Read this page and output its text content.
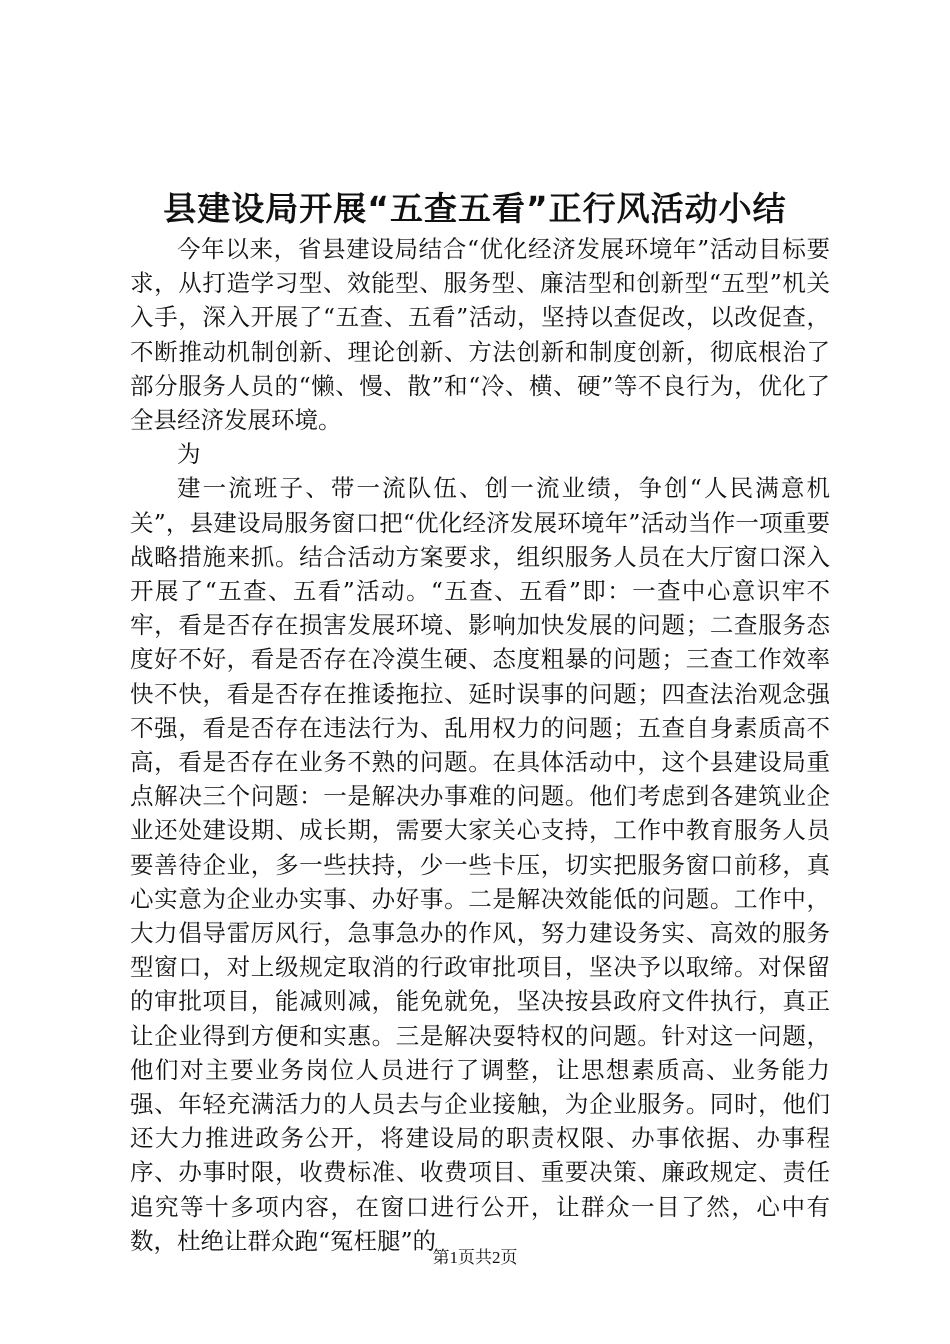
县建设局开展“五查五看”正行风活动小结

今年以来，省县建设局结合“优化经济发展环境年”活动目标要求，从打造学习型、效能型、服务型、廉洁型和创新型“五型”机关入手，深入开展了“五查、五看”活动，坚持以查促改，以改促查，不断推动机制创新、理论创新、方法创新和制度创新，彻底根治了部分服务人员的“懒、慢、散”和“冷、横、硬”等不良行为，优化了全县经济发展环境。

为

建一流班子、带一流队伍、创一流业绩，争创“人民满意机关”，县建设局服务窗口把“优化经济发展环境年”活动当作一项重要战略措施来抓。结合活动方案要求，组织服务人员在大厅窗口深入开展了“五查、五看”活动。“五查、五看”即：一查中心意识牢不牢，看是否存在损害发展环境、影响加快发展的问题；二查服务态度好不好，看是否存在冷漠生硬、态度粗暴的问题；三查工作效率快不快，看是否存在推诿拖拉、延时误事的问题；四查法治观念强不强，看是否存在违法行为、乱用权力的问题；五查自身素质高不高，看是否存在业务不熟的问题。在具体活动中，这个县建设局重点解决三个问题：一是解决办事难的问题。他们考虑到各建筑业企业还处建设期、成长期，需要大家关心支持，工作中教育服务人员要善待企业，多一些扶持，少一些卡压，切实把服务窗口前移，真心实意为企业办实事、办好事。二是解决效能低的问题。工作中，大力倡导雷厉风行，急事急办的作风，努力建设务实、高效的服务型窗口，对上级规定取消的行政审批项目，坚决予以取缔。对保留的审批项目，能减则减，能免就免，坚决按县政府文件执行，真正让企业得到方便和实惠。三是解决耍特权的问题。针对这一问题，他们对主要业务岗位人员进行了调整，让思想素质高、业务能力强、年轻充满活力的人员去与企业接触，为企业服务。同时，他们还大力推进政务公开，将建设局的职责权限、办事依据、办事程序、办事时限，收费标准、收费项目、重要决策、廉政规定、责任追究等十多项内容，在窗口进行公开，让群众一目了然，心中有数，杜绝让群众跑“冤枉腿”的

第1页共2页
